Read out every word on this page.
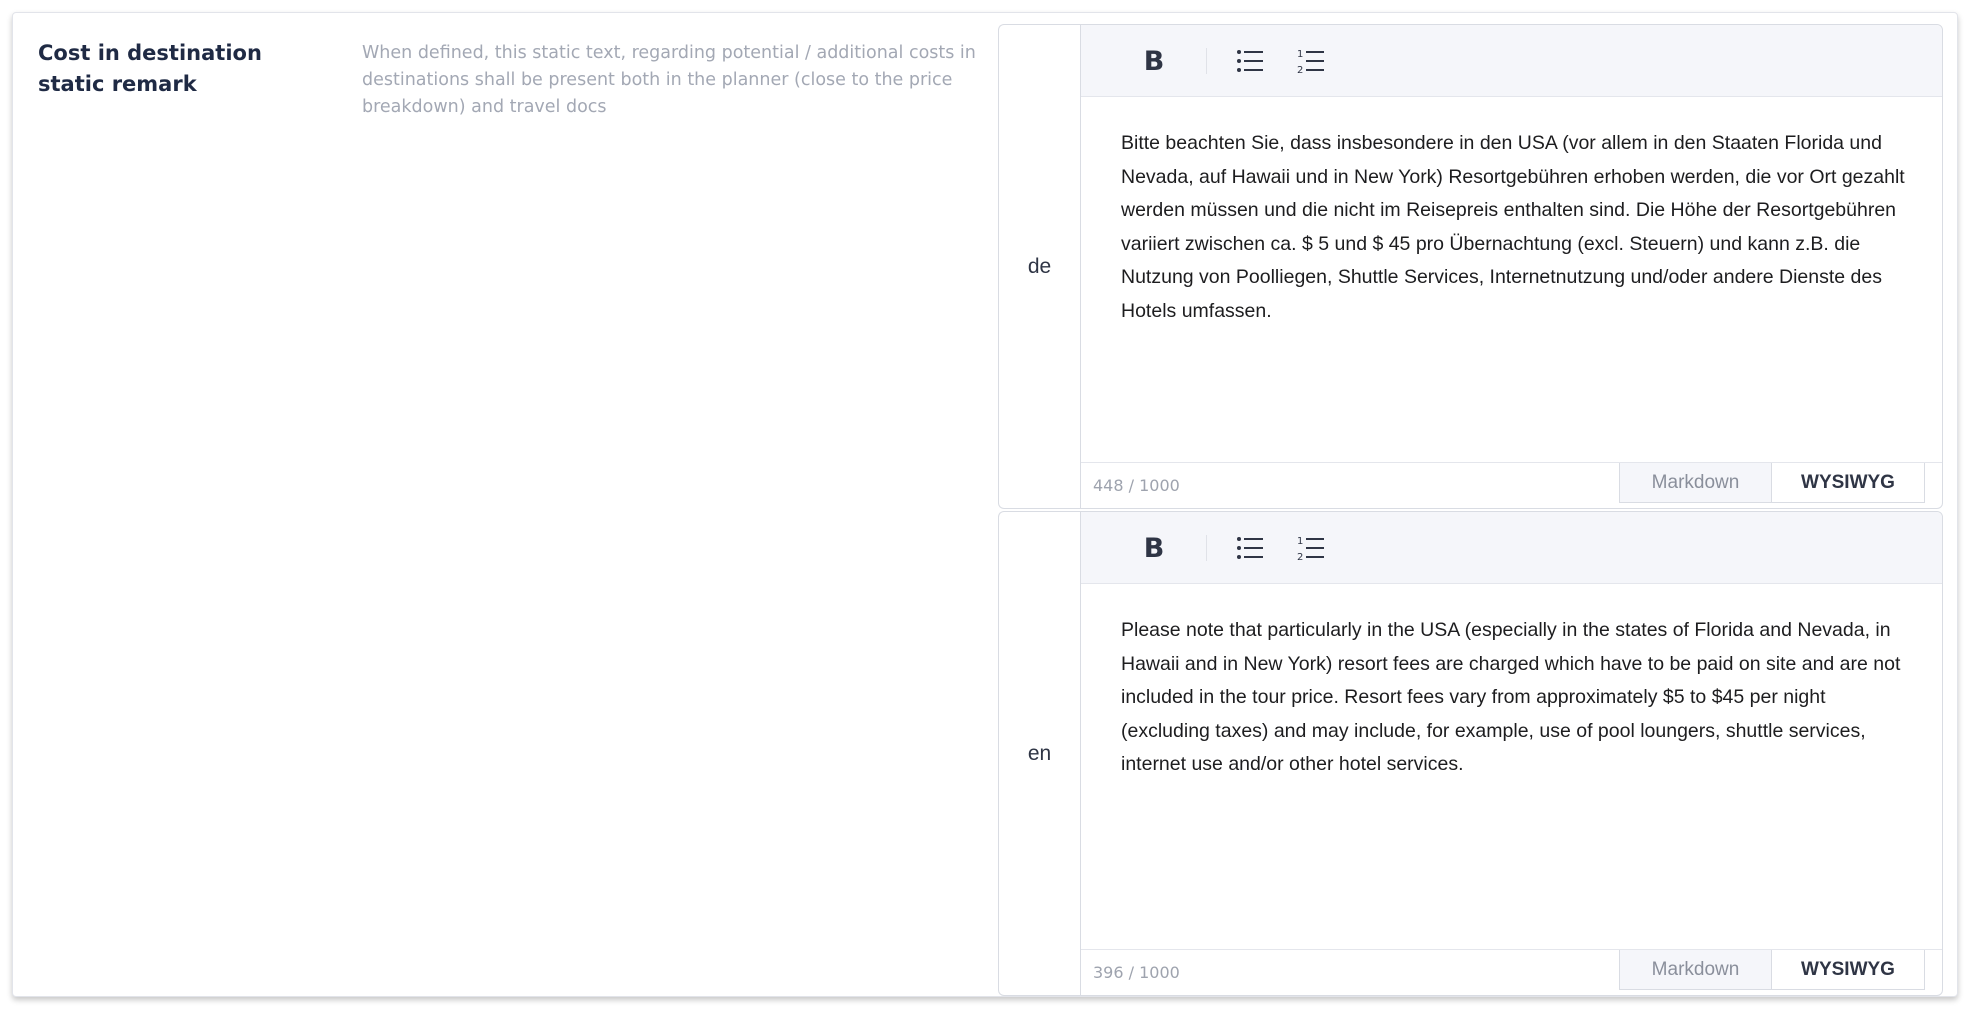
Cost in destination static remark
When defined, this static text, regarding potential / additional costs in destinations shall be present both in the planner (close to the price breakdown) and travel docs
de
B	1
2
Bitte beachten Sie, dass insbesondere in den USA (vor allem in den Staaten Florida und Nevada, auf Hawaii und in New York) Resortgebühren erhoben werden, die vor Ort gezahlt werden müssen und die nicht im Reisepreis enthalten sind. Die Höhe der Resortgebühren variiert zwischen ca. $ 5 und $ 45 pro Übernachtung (excl. Steuern) und kann z.B. die Nutzung von Poolliegen, Shuttle Services, Internetnutzung und/oder andere Dienste des Hotels umfassen.
448 / 1000	Markdown	WYSIWYG
en
B	1
2
Please note that particularly in the USA (especially in the states of Florida and Nevada, in Hawaii and in New York) resort fees are charged which have to be paid on site and are not included in the tour price. Resort fees vary from approximately $5 to $45 per night (excluding taxes) and may include, for example, use of pool loungers, shuttle services, internet use and/or other hotel services.
396 / 1000	Markdown	WYSIWYG
